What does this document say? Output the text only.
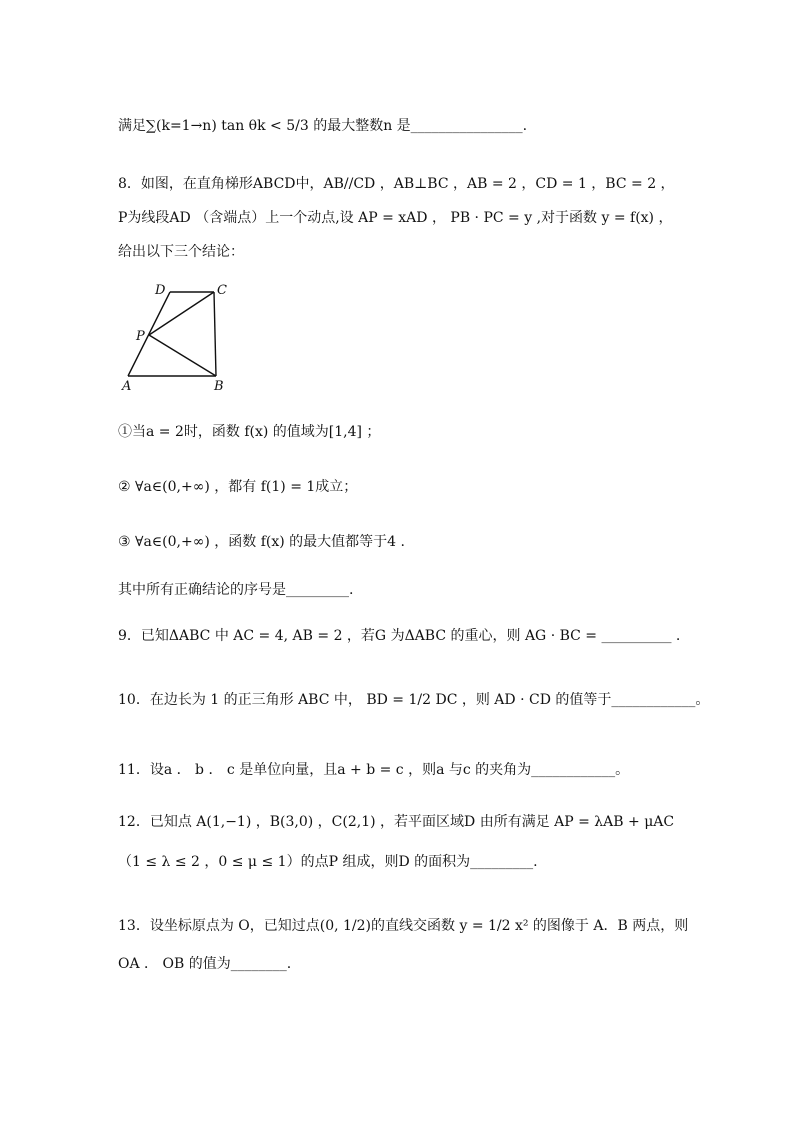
满足∑(k=1→n) tan θk < 5/3 的最大整数n 是________________.
8．如图，在直角梯形ABCD中，AB//CD ，AB⊥BC ，AB = 2 ，CD = 1 ，BC = 2 ，
P为线段AD （含端点）上一个动点,设 AP = xAD ， PB · PC = y ,对于函数 y = f(x) ，
给出以下三个结论：
D	C
P
A	B
①当a = 2时，函数 f(x) 的值域为[1,4] ；
② ∀a∈(0,+∞) ，都有 f(1) = 1成立；
③ ∀a∈(0,+∞) ，函数 f(x) 的最大值都等于4 .
其中所有正确结论的序号是_________.
9．已知ΔABC 中 AC = 4, AB = 2 ，若G 为ΔABC 的重心，则 AG · BC = __________ .
10．在边长为 1 的正三角形 ABC 中， BD = 1/2 DC ，则 AD · CD 的值等于____________。
11．设a ． b ． c 是单位向量，且a + b = c ，则a 与c 的夹角为____________。
12．已知点 A(1,−1) ，B(3,0) ，C(2,1) ，若平面区域D 由所有满足 AP = λAB + μAC
（1 ≤ λ ≤ 2 ，0 ≤ μ ≤ 1）的点P 组成，则D 的面积为_________.
13．设坐标原点为 O，已知过点(0, 1/2)的直线交函数 y = 1/2 x² 的图像于 A．B 两点，则
OA ． OB 的值为________.
